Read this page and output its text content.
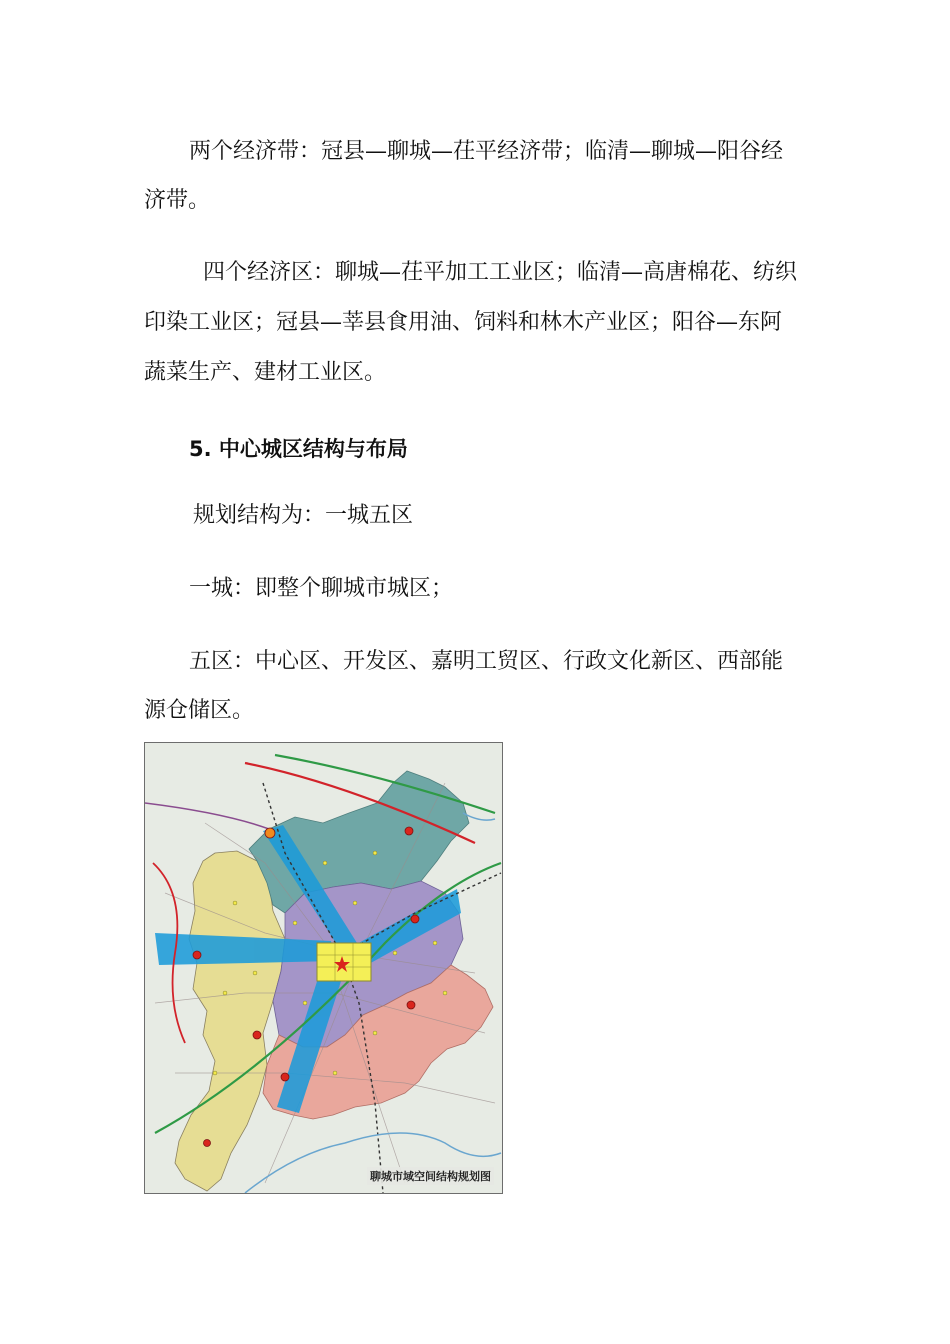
两个经济带：冠县—聊城—茌平经济带；临清—聊城—阳谷经
济带。
四个经济区：聊城—茌平加工工业区；临清—高唐棉花、纺织
印染工业区；冠县—莘县食用油、饲料和林木产业区；阳谷—东阿
蔬菜生产、建材工业区。
5. 中心城区结构与布局
规划结构为：一城五区
一城：即整个聊城市城区；
五区：中心区、开发区、嘉明工贸区、行政文化新区、西部能
源仓储区。
聊城市域空间结构规划图
